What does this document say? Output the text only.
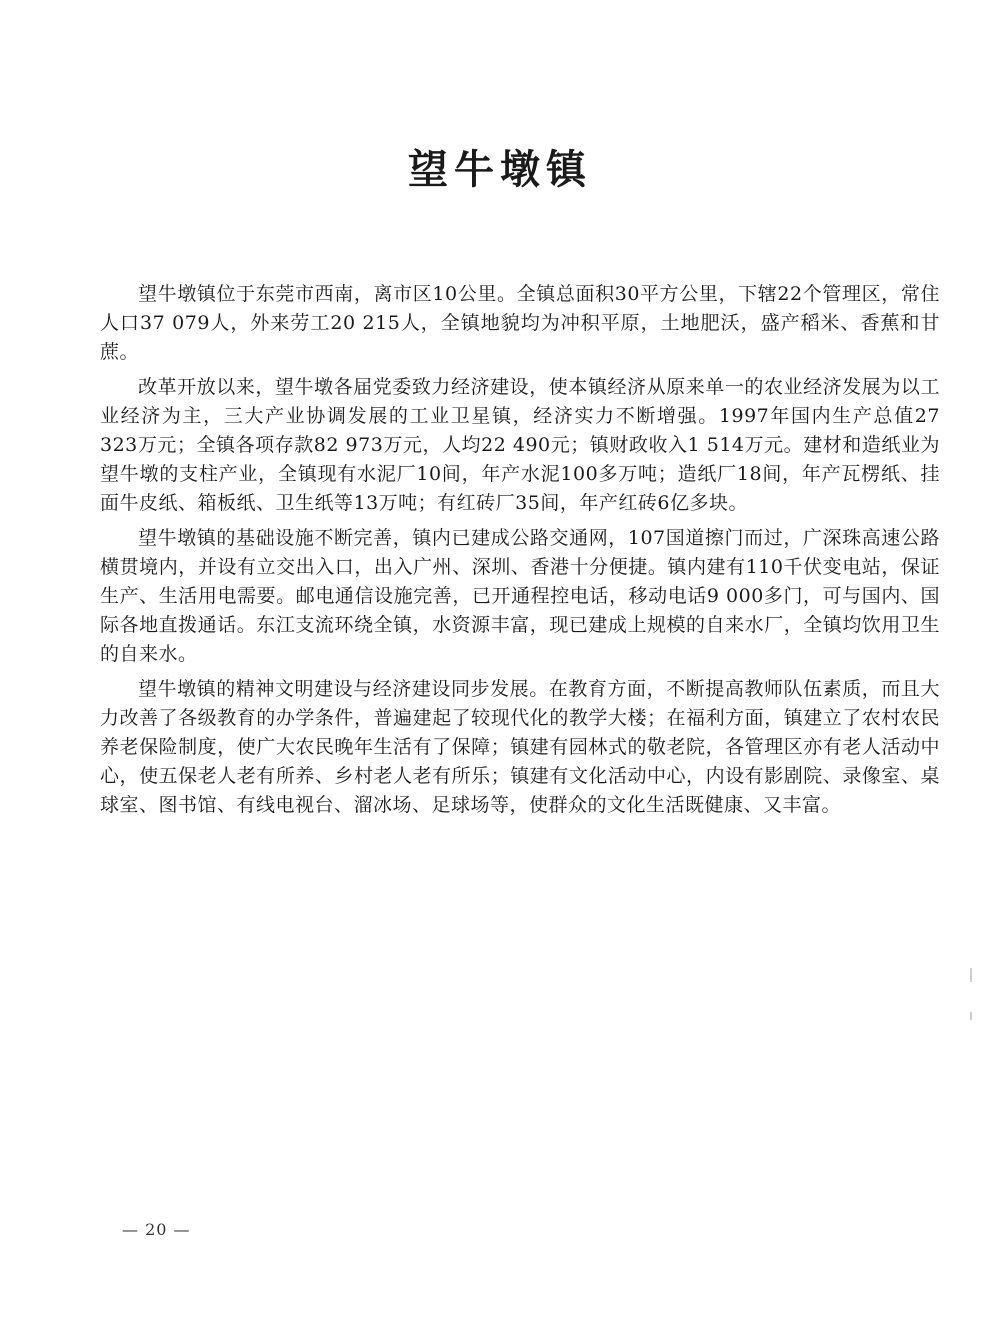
望牛墩镇

望牛墩镇位于东莞市西南，离市区10公里。全镇总面积30平方公里，下辖22个管理区，常住人口37 079人，外来劳工20 215人，全镇地貌均为冲积平原，土地肥沃，盛产稻米、香蕉和甘蔗。

改革开放以来，望牛墩各届党委致力经济建设，使本镇经济从原来单一的农业经济发展为以工业经济为主，三大产业协调发展的工业卫星镇，经济实力不断增强。1997年国内生产总值27 323万元；全镇各项存款82 973万元，人均22 490元；镇财政收入1 514万元。建材和造纸业为望牛墩的支柱产业，全镇现有水泥厂10间，年产水泥100多万吨；造纸厂18间，年产瓦楞纸、挂面牛皮纸、箱板纸、卫生纸等13万吨；有红砖厂35间，年产红砖6亿多块。

望牛墩镇的基础设施不断完善，镇内已建成公路交通网，107国道擦门而过，广深珠高速公路横贯境内，并设有立交出入口，出入广州、深圳、香港十分便捷。镇内建有110千伏变电站，保证生产、生活用电需要。邮电通信设施完善，已开通程控电话，移动电话9 000多门，可与国内、国际各地直拨通话。东江支流环绕全镇，水资源丰富，现已建成上规模的自来水厂，全镇均饮用卫生的自来水。

望牛墩镇的精神文明建设与经济建设同步发展。在教育方面，不断提高教师队伍素质，而且大力改善了各级教育的办学条件，普遍建起了较现代化的教学大楼；在福利方面，镇建立了农村农民养老保险制度，使广大农民晚年生活有了保障；镇建有园林式的敬老院，各管理区亦有老人活动中心，使五保老人老有所养、乡村老人老有所乐；镇建有文化活动中心，内设有影剧院、录像室、桌球室、图书馆、有线电视台、溜冰场、足球场等，使群众的文化生活既健康、又丰富。

— 20 —
